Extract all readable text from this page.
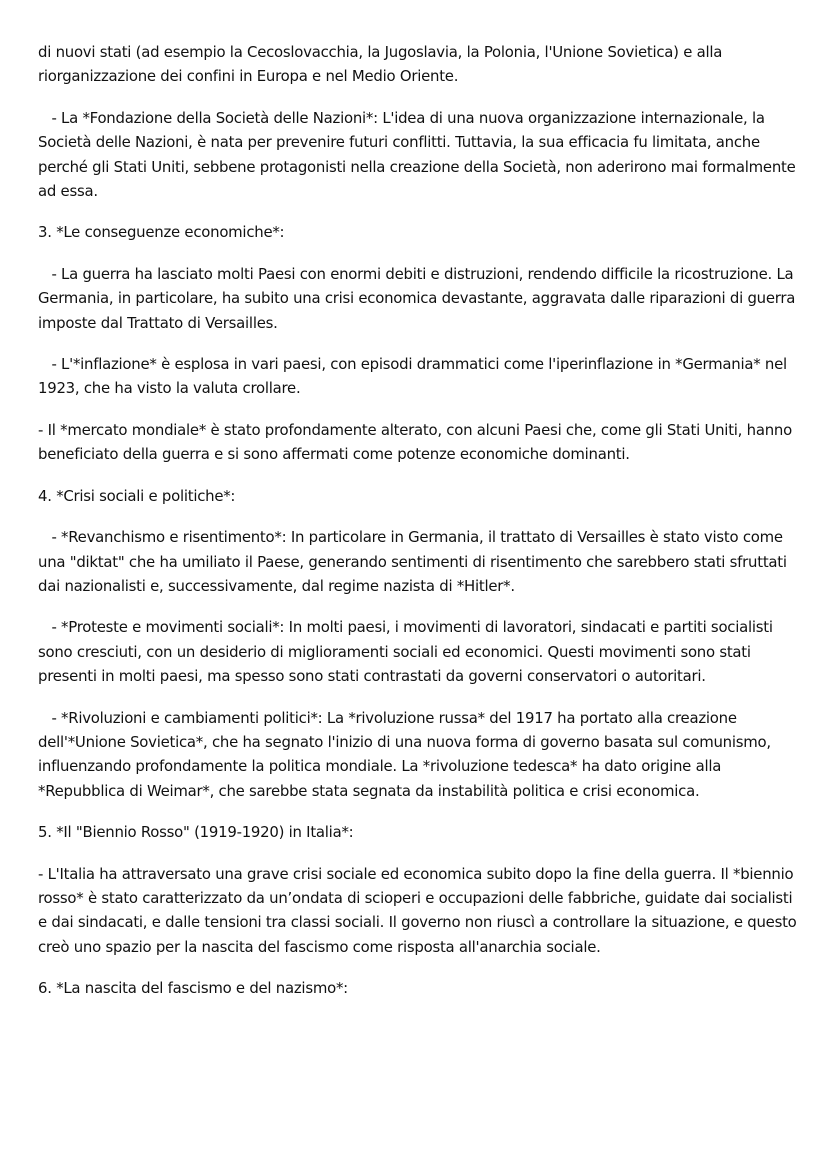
di nuovi stati (ad esempio la Cecoslovacchia, la Jugoslavia, la Polonia, l'Unione Sovietica) e alla riorganizzazione dei confini in Europa e nel Medio Oriente.

- La *Fondazione della Società delle Nazioni*: L'idea di una nuova organizzazione internazionale, la Società delle Nazioni, è nata per prevenire futuri conflitti. Tuttavia, la sua efficacia fu limitata, anche perché gli Stati Uniti, sebbene protagonisti nella creazione della Società, non aderirono mai formalmente ad essa.

3. *Le conseguenze economiche*:

- La guerra ha lasciato molti Paesi con enormi debiti e distruzioni, rendendo difficile la ricostruzione. La Germania, in particolare, ha subito una crisi economica devastante, aggravata dalle riparazioni di guerra imposte dal Trattato di Versailles.

- L'*inflazione* è esplosa in vari paesi, con episodi drammatici come l'iperinflazione in *Germania* nel 1923, che ha visto la valuta crollare.

- Il *mercato mondiale* è stato profondamente alterato, con alcuni Paesi che, come gli Stati Uniti, hanno beneficiato della guerra e si sono affermati come potenze economiche dominanti.

4. *Crisi sociali e politiche*:

- *Revanchismo e risentimento*: In particolare in Germania, il trattato di Versailles è stato visto come una "diktat" che ha umiliato il Paese, generando sentimenti di risentimento che sarebbero stati sfruttati dai nazionalisti e, successivamente, dal regime nazista di *Hitler*.

- *Proteste e movimenti sociali*: In molti paesi, i movimenti di lavoratori, sindacati e partiti socialisti sono cresciuti, con un desiderio di miglioramenti sociali ed economici. Questi movimenti sono stati presenti in molti paesi, ma spesso sono stati contrastati da governi conservatori o autoritari.

- *Rivoluzioni e cambiamenti politici*: La *rivoluzione russa* del 1917 ha portato alla creazione dell'*Unione Sovietica*, che ha segnato l'inizio di una nuova forma di governo basata sul comunismo, influenzando profondamente la politica mondiale. La *rivoluzione tedesca* ha dato origine alla *Repubblica di Weimar*, che sarebbe stata segnata da instabilità politica e crisi economica.

5. *Il "Biennio Rosso" (1919-1920) in Italia*:

- L'Italia ha attraversato una grave crisi sociale ed economica subito dopo la fine della guerra. Il *biennio rosso* è stato caratterizzato da un’ondata di scioperi e occupazioni delle fabbriche, guidate dai socialisti e dai sindacati, e dalle tensioni tra classi sociali. Il governo non riuscì a controllare la situazione, e questo creò uno spazio per la nascita del fascismo come risposta all'anarchia sociale.

6. *La nascita del fascismo e del nazismo*:
